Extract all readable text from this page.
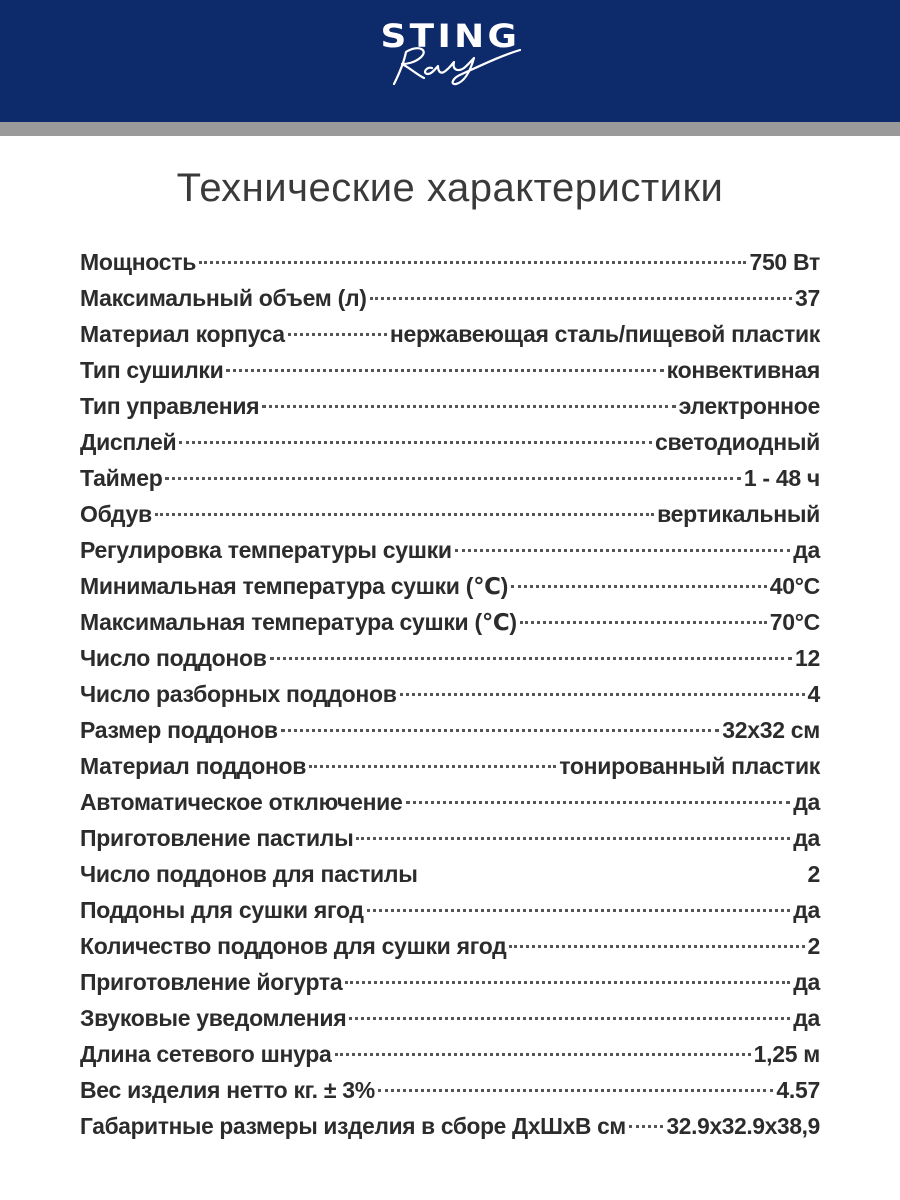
STING
Технические характеристики
Мощность	750 Вт
Максимальный объем (л)	37
Материал корпуса	нержавеющая сталь/пищевой пластик
Тип сушилки	конвективная
Тип управления	электронное
Дисплей	светодиодный
Таймер	1 - 48 ч
Обдув	вертикальный
Регулировка температуры сушки	да
Минимальная температура сушки (℃)	40°С
Максимальная температура сушки (℃)	70°С
Число поддонов	12
Число разборных поддонов	4
Размер поддонов	32х32 см
Материал поддонов	тонированный пластик
Автоматическое отключение	да
Приготовление пастилы	да
Число поддонов для пастилы	2
Поддоны для сушки ягод	да
Количество поддонов для сушки ягод	2
Приготовление йогурта	да
Звуковые уведомления	да
Длина сетевого шнура	1,25 м
Вес изделия нетто кг. ± 3%	4.57
Габаритные размеры изделия в сборе ДхШхВ см 32.9х32.9х38,9
